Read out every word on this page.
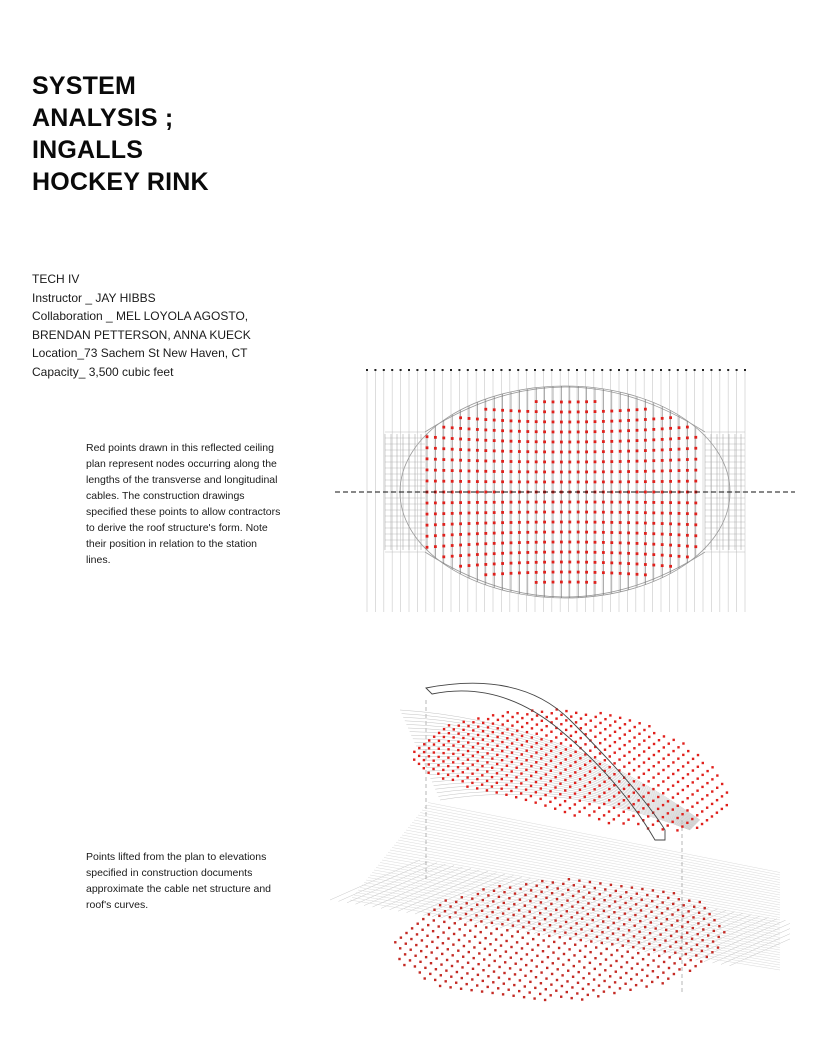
SYSTEM
ANALYSIS ;
INGALLS
HOCKEY RINK
TECH IV
Instructor _ JAY HIBBS
Collaboration _ MEL LOYOLA AGOSTO,
BRENDAN PETTERSON, ANNA KUECK
Location_73 Sachem St New Haven, CT
Capacity_ 3,500 cubic feet

Red points drawn in this reflected ceiling plan represent nodes occurring along the lengths of the transverse and longitudinal cables. The construction drawings specified these points to allow contractors to derive the roof structure's form. Note their position in relation to the station lines.

Points lifted from the plan to elevations specified in construction documents approximate the cable net structure and roof's curves.
